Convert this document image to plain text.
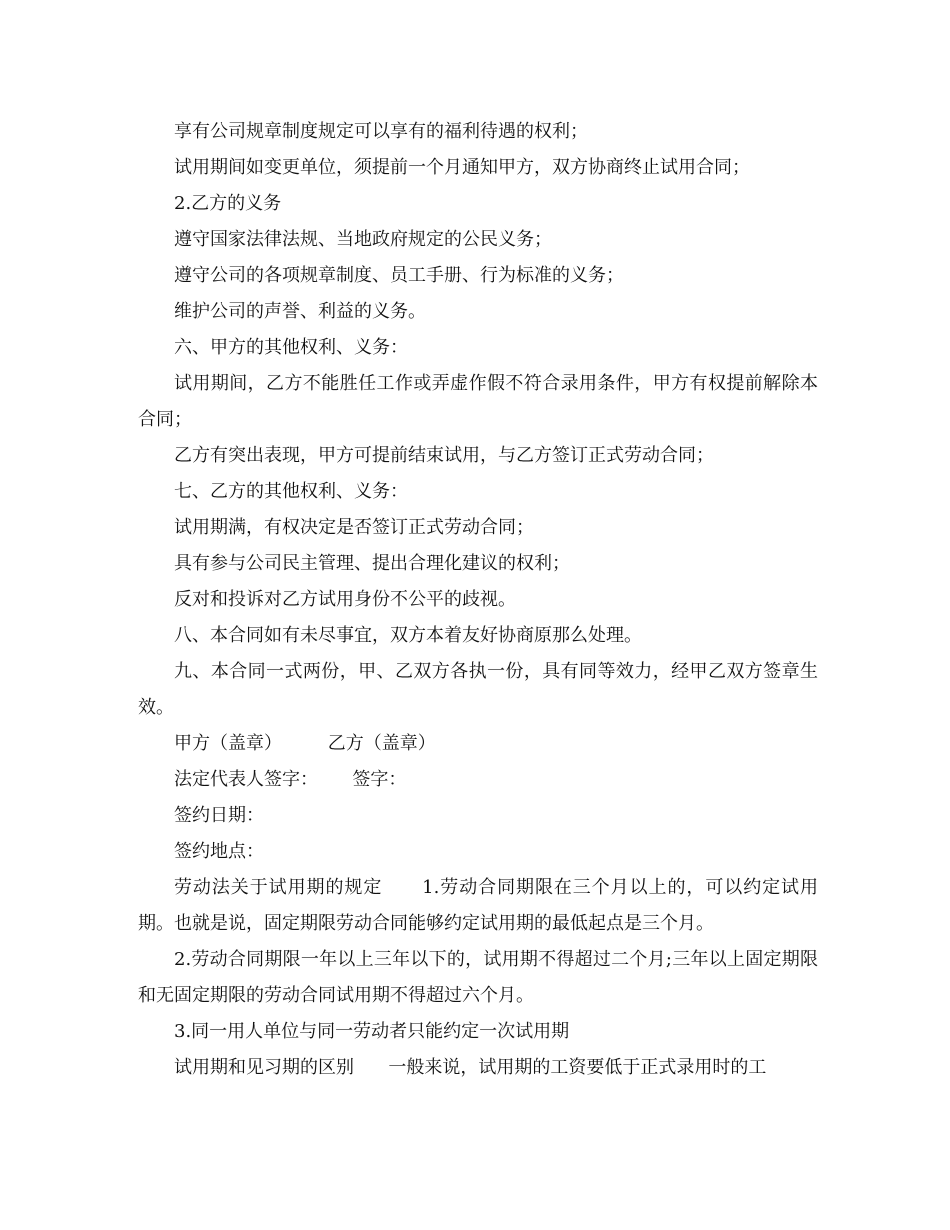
享有公司规章制度规定可以享有的福利待遇的权利；

试用期间如变更单位，须提前一个月通知甲方，双方协商终止试用合同；

2.乙方的义务

遵守国家法律法规、当地政府规定的公民义务；

遵守公司的各项规章制度、员工手册、行为标准的义务；

维护公司的声誉、利益的义务。

六、甲方的其他权利、义务：

试用期间，乙方不能胜任工作或弄虚作假不符合录用条件，甲方有权提前解除本合同；

乙方有突出表现，甲方可提前结束试用，与乙方签订正式劳动合同；

七、乙方的其他权利、义务：

试用期满，有权决定是否签订正式劳动合同；

具有参与公司民主管理、提出合理化建议的权利；

反对和投诉对乙方试用身份不公平的歧视。

八、本合同如有未尽事宜，双方本着友好协商原那么处理。

九、本合同一式两份，甲、乙双方各执一份，具有同等效力，经甲乙双方签章生效。

甲方（盖章）        乙方（盖章）

法定代表人签字：      签字：

签约日期：

签约地点：

劳动法关于试用期的规定      1.劳动合同期限在三个月以上的，可以约定试用期。也就是说，固定期限劳动合同能够约定试用期的最低起点是三个月。

2.劳动合同期限一年以上三年以下的，试用期不得超过二个月;三年以上固定期限和无固定期限的劳动合同试用期不得超过六个月。

3.同一用人单位与同一劳动者只能约定一次试用期

试用期和见习期的区别      一般来说，试用期的工资要低于正式录用时的工
